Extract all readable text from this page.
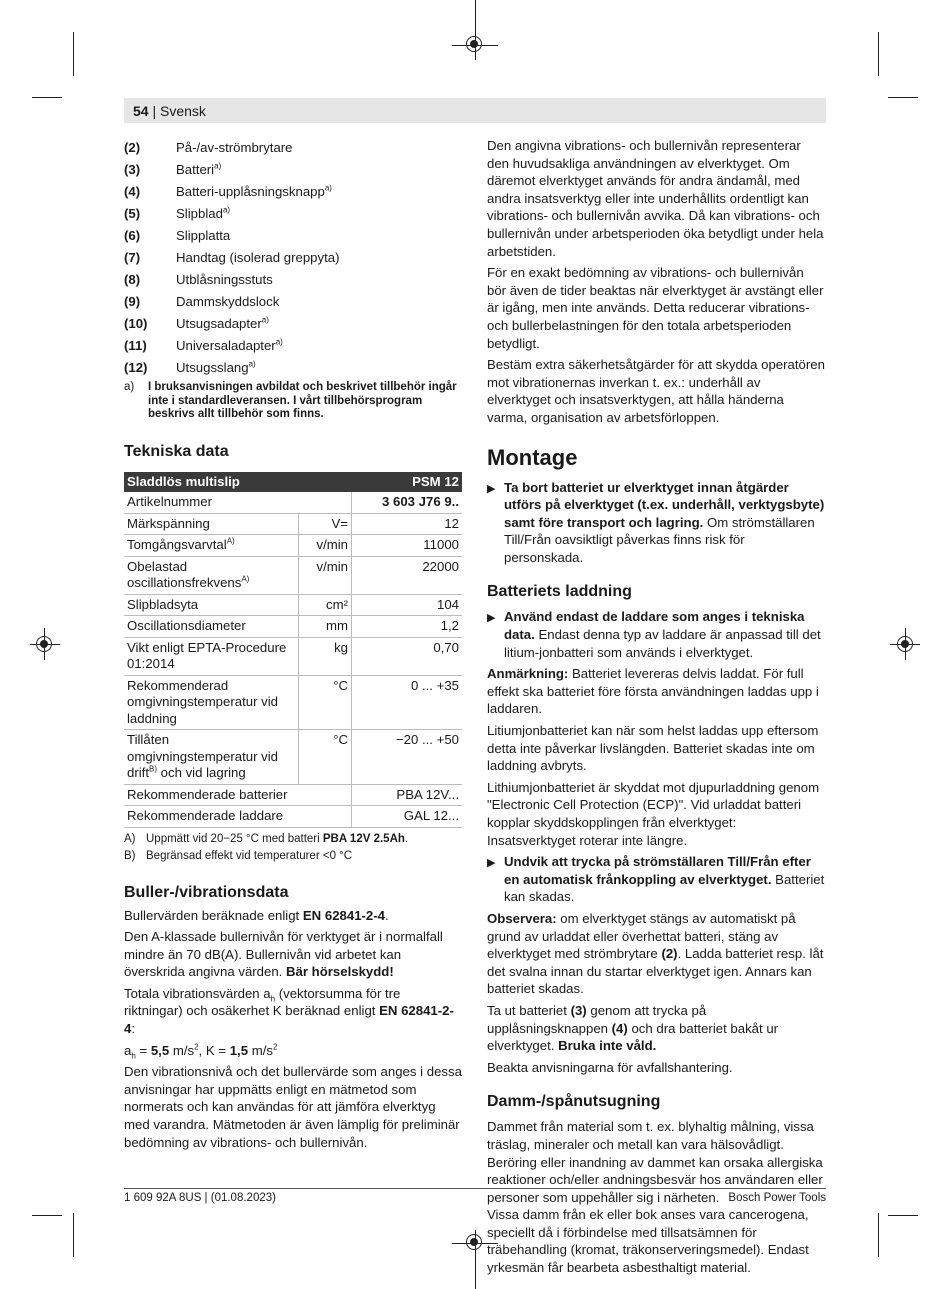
54 | Svensk
(2)	På-/av-strömbrytare
(3)	Batteri$^{a)}$
(4)	Batteri-upplåsningsknapp$^{a)}$
(5)	Slipblad$^{a)}$
(6)	Slipplatta
(7)	Handtag (isolerad greppyta)
(8)	Utblåsningsstuts
(9)	Dammskyddslock
(10)	Utsugsadapter$^{a)}$
(11)	Universaladapter$^{a)}$
(12)	Utsugsslang$^{a)}$
a)	I bruksanvisningen avbildat och beskrivet tillbehör ingår inte i standardleveransen. I vårt tillbehörsprogram beskrivs allt tillbehör som finns.
Tekniska data
Sladdlös multislip		PSM 12
Artikelnummer		3 603 J76 9..
Märkspänning	V=	12
Tomgångsvarvtal$^{A)}$	v/min	11000
Obelastad oscillationsfrekvens$^{A)}$	v/min	22000
Slipbladsyta	cm²	104
Oscillationsdiameter	mm	1,2
Vikt enligt EPTA-Procedure 01:2014	kg	0,70
Rekommenderad omgivningstemperatur vid laddning	°C	0 ... +35
Tillåten omgivningstemperatur vid drift$^{B)}$ och vid lagring	°C	−20 ... +50
Rekommenderade batterier		PBA 12V...
Rekommenderade laddare		GAL 12...
A) Uppmätt vid 20−25 °C med batteri PBA 12V 2.5Ah.
B) Begränsad effekt vid temperaturer <0 °C
Buller-/vibrationsdata

Bullervärden beräknade enligt EN 62841-2-4.

Den A-klassade bullernivån för verktyget är i normalfall mindre än 70 dB(A). Bullernivån vid arbetet kan överskrida angivna värden. Bär hörselskydd!

Totala vibrationsvärden $a_h$ (vektorsumma för tre riktningar) och osäkerhet K beräknad enligt EN 62841-2-4:

$a_h = 5,5$ $m/s^2$, K = 1,5 $m/s^2$

Den vibrationsnivå och det bullervärde som anges i dessa anvisningar har uppmätts enligt en mätmetod som normerats och kan användas för att jämföra elverktyg med varandra. Mätmetoden är även lämplig för preliminär bedömning av vibrations- och bullernivån.

Den angivna vibrations- och bullernivån representerar den huvudsakliga användningen av elverktyget. Om däremot elverktyget används för andra ändamål, med andra insatsverktyg eller inte underhållits ordentligt kan vibrations- och bullernivån avvika. Då kan vibrations- och bullernivån under arbetsperioden öka betydligt under hela arbetstiden.

För en exakt bedömning av vibrations- och bullernivån bör även de tider beaktas när elverktyget är avstängt eller är igång, men inte används. Detta reducerar vibrations- och bullerbelastningen för den totala arbetsperioden betydligt.

Bestäm extra säkerhetsåtgärder för att skydda operatören mot vibrationernas inverkan t. ex.: underhåll av elverktyget och insatsverktygen, att hålla händerna varma, organisation av arbetsförloppen.

Montage
▶ Ta bort batteriet ur elverktyget innan åtgärder utförs på elverktyget (t.ex. underhåll, verktygsbyte) samt före transport och lagring. Om strömställaren Till/Från oavsiktligt påverkas finns risk för personskada.
Batteriets laddning
▶ Använd endast de laddare som anges i tekniska data. Endast denna typ av laddare är anpassad till det litium-jonbatteri som används i elverktyget.

Anmärkning: Batteriet levereras delvis laddat. För full effekt ska batteriet före första användningen laddas upp i laddaren.

Litiumjonbatteriet kan när som helst laddas upp eftersom detta inte påverkar livslängden. Batteriet skadas inte om laddning avbryts.

Lithiumjonbatteriet är skyddat mot djupurladdning genom "Electronic Cell Protection (ECP)". Vid urladdat batteri kopplar skyddskopplingen från elverktyget: Insatsverktyget roterar inte längre.

▶ Undvik att trycka på strömställaren Till/Från efter en automatisk frånkoppling av elverktyget. Batteriet kan skadas.

Observera: om elverktyget stängs av automatiskt på grund av urladdat eller överhettat batteri, stäng av elverktyget med strömbrytare (2). Ladda batteriet resp. låt det svalna innan du startar elverktyget igen. Annars kan batteriet skadas.

Ta ut batteriet (3) genom att trycka på upplåsningsknappen (4) och dra batteriet bakåt ur elverktyget. Bruka inte våld.

Beakta anvisningarna för avfallshantering.

Damm-/spånutsugning

Dammet från material som t. ex. blyhaltig målning, vissa träslag, mineraler och metall kan vara hälsovådligt. Beröring eller inandning av dammet kan orsaka allergiska reaktioner och/eller andningsbesvär hos användaren eller personer som uppehåller sig i närheten.

Vissa damm från ek eller bok anses vara cancerogena, speciellt då i förbindelse med tillsatsämnen för träbehandling (kromat, träkonserveringsmedel). Endast yrkesmän får bearbeta asbesthaltigt material.

1 609 92A 8US | (01.08.2023)	Bosch Power Tools
